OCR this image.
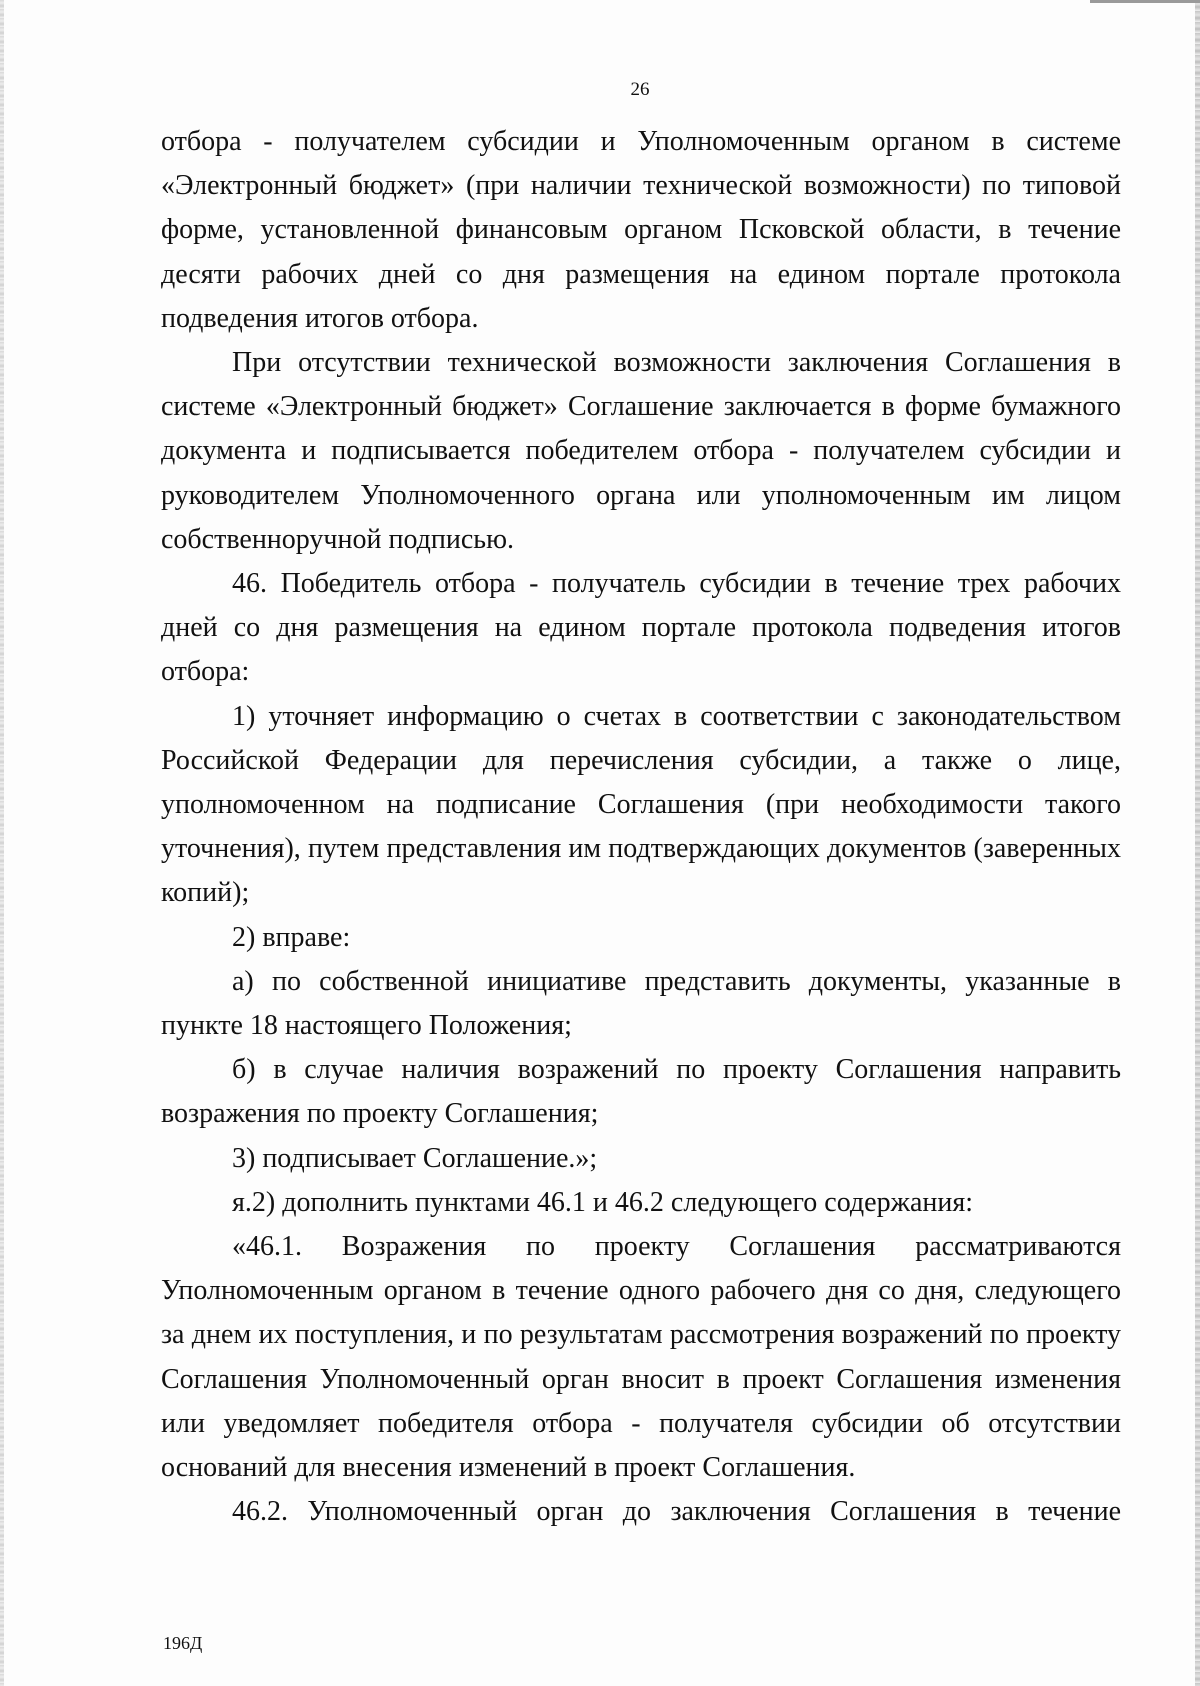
26

отбора - получателем субсидии и Уполномоченным органом в системе «Электронный бюджет» (при наличии технической возможности) по типовой форме, установленной финансовым органом Псковской области, в течение десяти рабочих дней со дня размещения на едином портале протокола подведения итогов отбора.

При отсутствии технической возможности заключения Соглашения в системе «Электронный бюджет» Соглашение заключается в форме бумажного документа и подписывается победителем отбора - получателем субсидии и руководителем Уполномоченного органа или уполномоченным им лицом собственноручной подписью.

46. Победитель отбора - получатель субсидии в течение трех рабочих дней со дня размещения на едином портале протокола подведения итогов отбора:

1) уточняет информацию о счетах в соответствии с законодательством Российской Федерации для перечисления субсидии, а также о лице, уполномоченном на подписание Соглашения (при необходимости такого уточнения), путем представления им подтверждающих документов (заверенных копий);

2) вправе:

а) по собственной инициативе представить документы, указанные в пункте 18 настоящего Положения;

б) в случае наличия возражений по проекту Соглашения направить возражения по проекту Соглашения;

3) подписывает Соглашение.»;

я.2) дополнить пунктами 46.1 и 46.2 следующего содержания:

«46.1. Возражения по проекту Соглашения рассматриваются Уполномоченным органом в течение одного рабочего дня со дня, следующего за днем их поступления, и по результатам рассмотрения возражений по проекту Соглашения Уполномоченный орган вносит в проект Соглашения изменения или уведомляет победителя отбора - получателя субсидии об отсутствии оснований для внесения изменений в проект Соглашения.

46.2. Уполномоченный орган до заключения Соглашения в течение

196Д
